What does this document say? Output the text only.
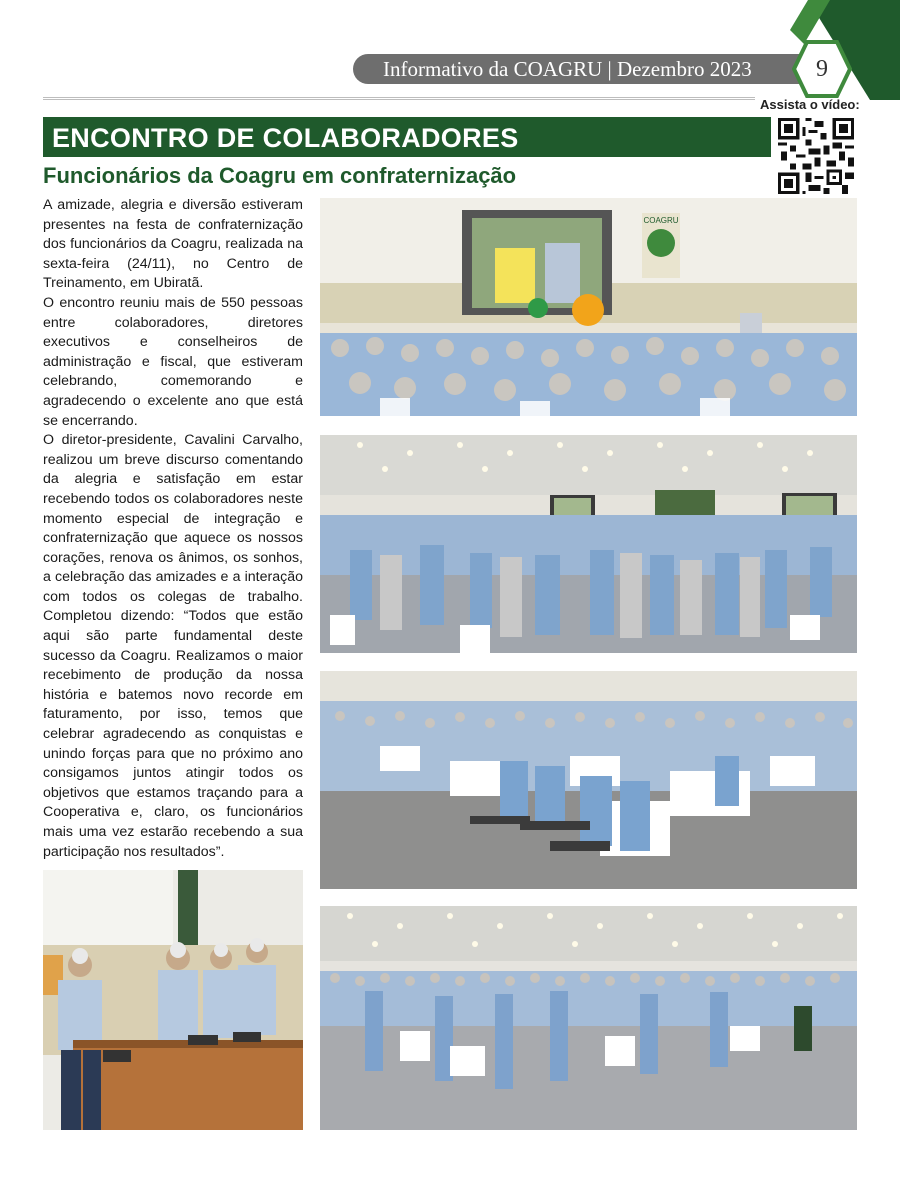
Informativo da COAGRU | Dezembro 2023	9
Assista o vídeo:
ENCONTRO DE COLABORADORES
Funcionários da Coagru em confraternização

A amizade, alegria e diversão estiveram presentes na festa de confraternização dos funcionários da Coagru, realizada na sexta-feira (24/11), no Centro de Treinamento, em Ubiratã.

O encontro reuniu mais de 550 pessoas entre colaboradores, diretores executivos e conselheiros de administração e fiscal, que estiveram celebrando, comemorando e agradecendo o excelente ano que está se encerrando.

O diretor-presidente, Cavalini Carvalho, realizou um breve discurso comentando da alegria e satisfação em estar recebendo todos os colaboradores neste momento especial de integração e confraternização que aquece os nossos corações, renova os ânimos, os sonhos, a celebração das amizades e a interação com todos os colegas de trabalho. Completou dizendo: “Todos que estão aqui são parte fundamental deste sucesso da Coagru. Realizamos o maior recebimento de produção da nossa história e batemos novo recorde em faturamento, por isso, temos que celebrar agradecendo as conquistas e unindo forças para que no próximo ano consigamos juntos atingir todos os objetivos que estamos traçando para a Cooperativa e, claro, os funcionários mais uma vez estarão recebendo a sua participação nos resultados”.

COAGRU
